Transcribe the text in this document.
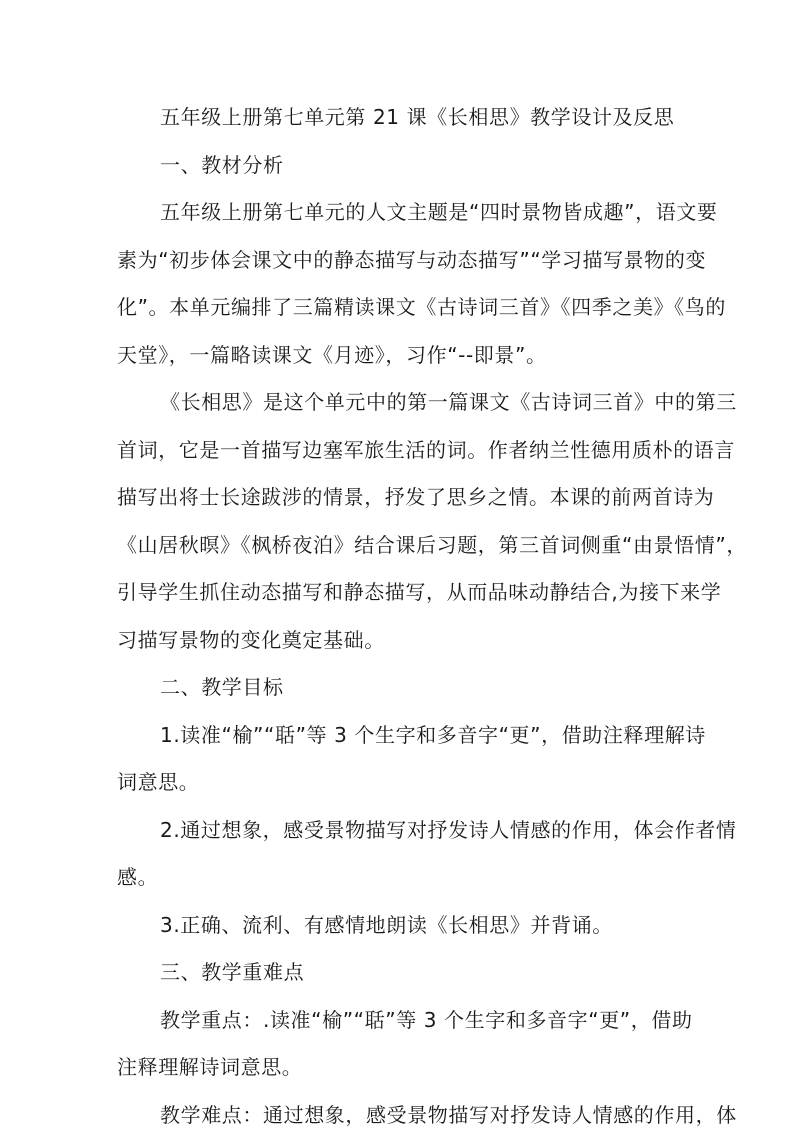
五年级上册第七单元第 21 课《长相思》教学设计及反思
一、教材分析
五年级上册第七单元的人文主题是“四时景物皆成趣”，语文要
素为“初步体会课文中的静态描写与动态描写”“学习描写景物的变
化”。本单元编排了三篇精读课文《古诗词三首》《四季之美》《鸟的
天堂》，一篇略读课文《月迹》，习作“--即景”。
《长相思》是这个单元中的第一篇课文《古诗词三首》中的第三
首词，它是一首描写边塞军旅生活的词。作者纳兰性德用质朴的语言
描写出将士长途跋涉的情景，抒发了思乡之情。本课的前两首诗为
《山居秋暝》《枫桥夜泊》结合课后习题，第三首词侧重“由景悟情”，
引导学生抓住动态描写和静态描写，从而品味动静结合,为接下来学
习描写景物的变化奠定基础。
二、教学目标
1.读准“榆”“聒”等 3 个生字和多音字“更”，借助注释理解诗
词意思。
2.通过想象，感受景物描写对抒发诗人情感的作用，体会作者情
感。
3.正确、流利、有感情地朗读《长相思》并背诵。
三、教学重难点
教学重点：.读准“榆”“聒”等 3 个生字和多音字“更”，借助
注释理解诗词意思。
教学难点：通过想象，感受景物描写对抒发诗人情感的作用，体
